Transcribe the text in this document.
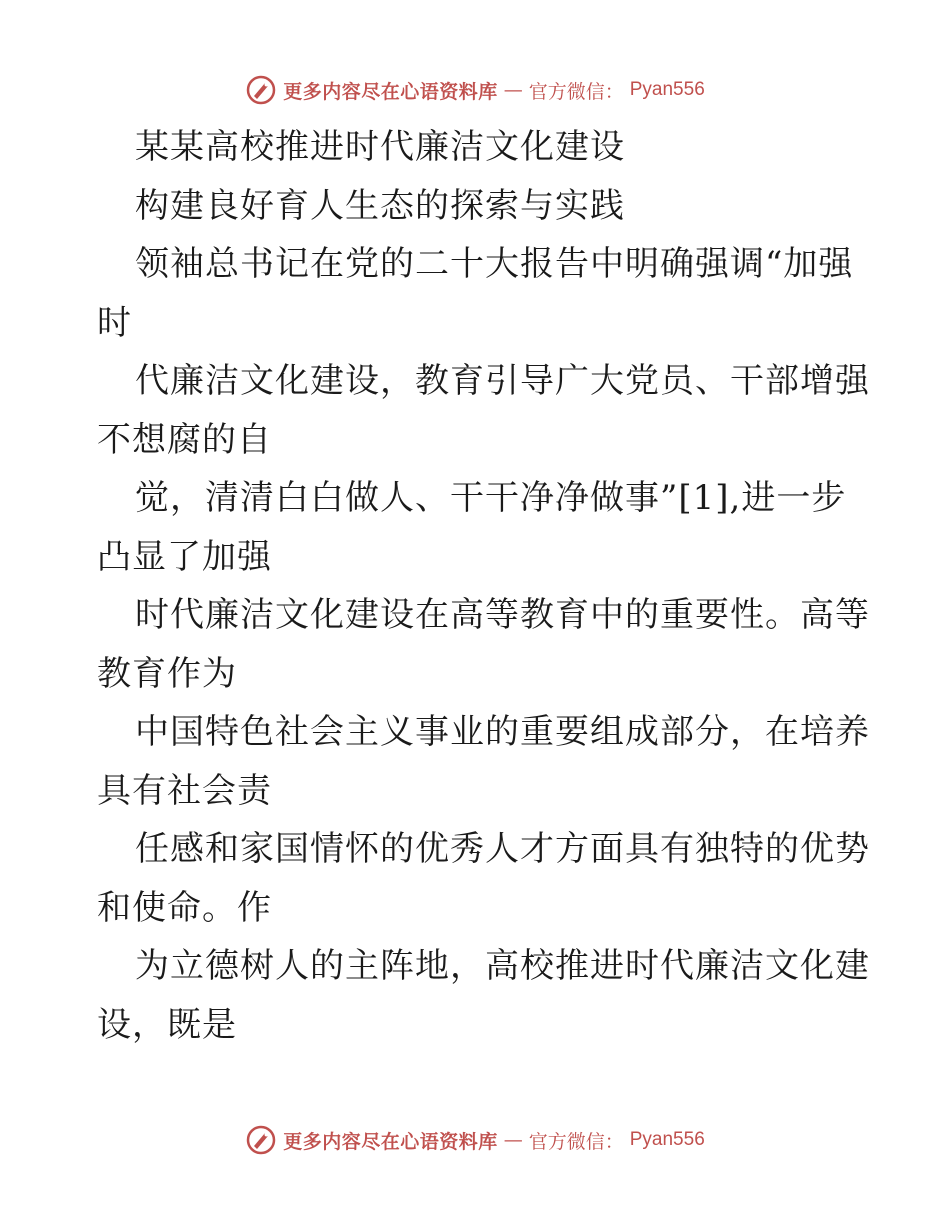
更多内容尽在心语资料库 — 官方微信： Pyan556
某某高校推进时代廉洁文化建设
构建良好育人生态的探索与实践
领袖总书记在党的二十大报告中明确强调“加强
时
代廉洁文化建设，教育引导广大党员、干部增强
不想腐的自
觉，清清白白做人、干干净净做事”[1],进一步
凸显了加强
时代廉洁文化建设在高等教育中的重要性。高等
教育作为
中国特色社会主义事业的重要组成部分，在培养
具有社会责
任感和家国情怀的优秀人才方面具有独特的优势
和使命。作
为立德树人的主阵地，高校推进时代廉洁文化建
设，既是
更多内容尽在心语资料库 — 官方微信： Pyan556
